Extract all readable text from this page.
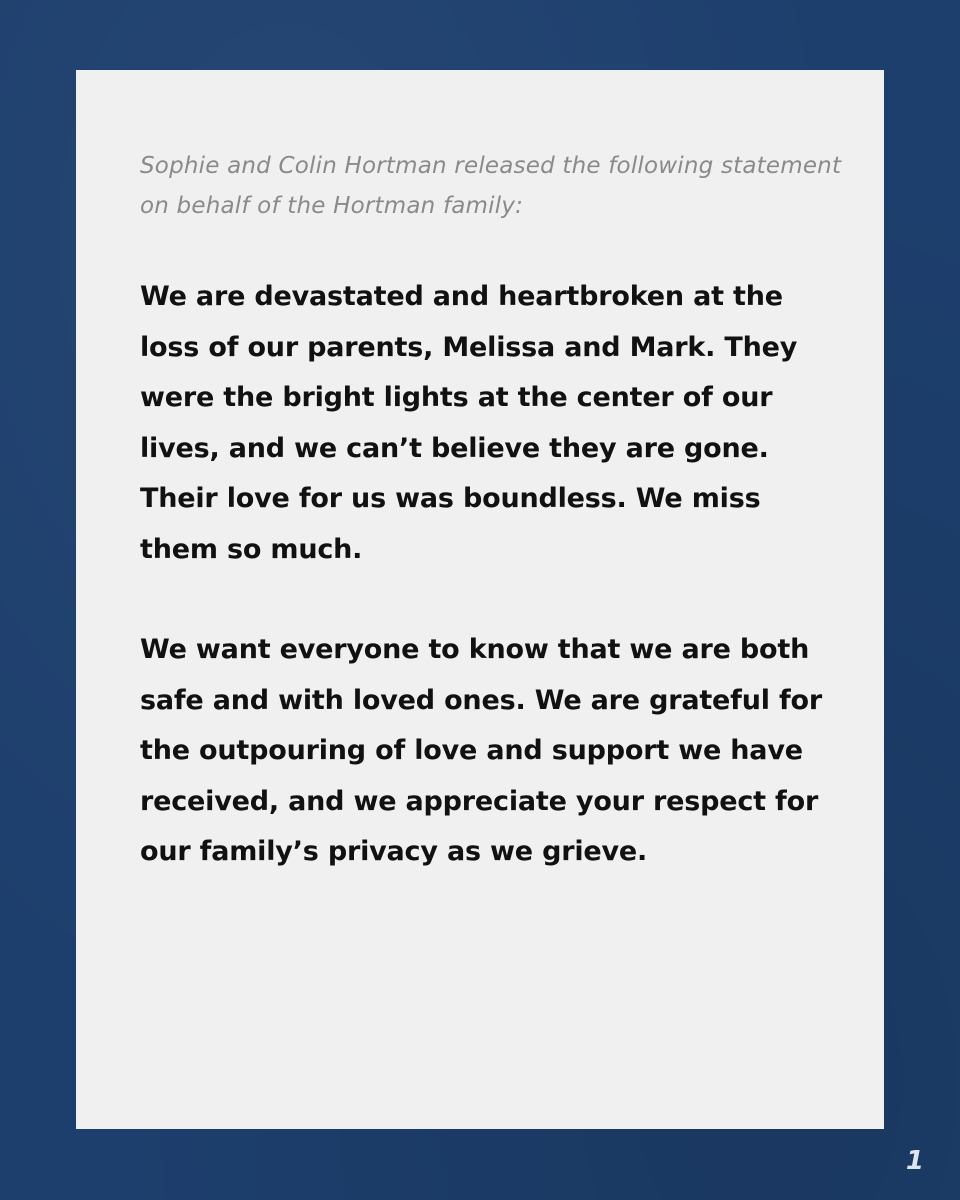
Sophie and Colin Hortman released the following statement on behalf of the Hortman family:

We are devastated and heartbroken at the loss of our parents, Melissa and Mark. They were the bright lights at the center of our lives, and we can’t believe they are gone. Their love for us was boundless. We miss them so much.

We want everyone to know that we are both safe and with loved ones. We are grateful for the outpouring of love and support we have received, and we appreciate your respect for our family’s privacy as we grieve.

1
